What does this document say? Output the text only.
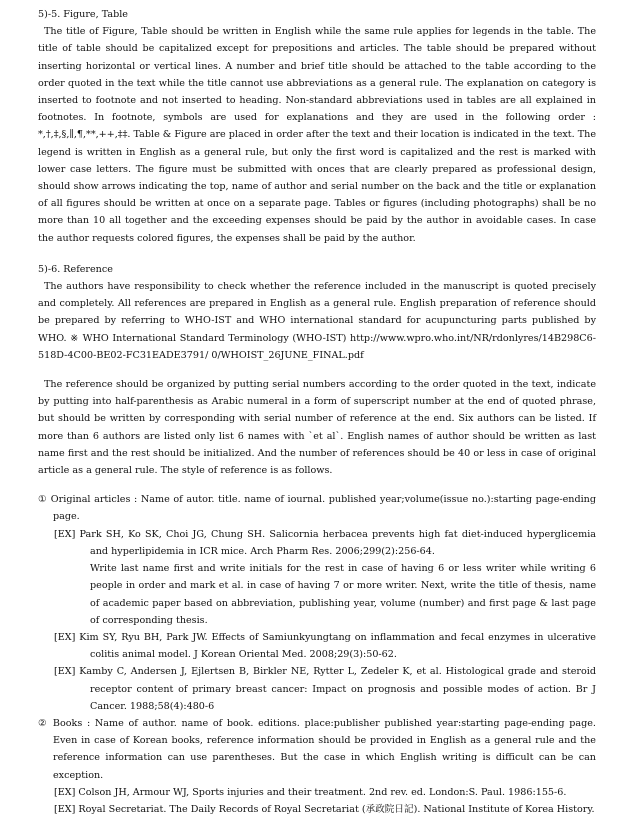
5)-5. Figure, Table

The title of Figure, Table should be written in English while the same rule applies for legends in the table. The title of table should be capitalized except for prepositions and articles. The table should be prepared without inserting horizontal or vertical lines. A number and brief title should be attached to the table according to the order quoted in the text while the title cannot use abbreviations as a general rule. The explanation on category is inserted to footnote and not inserted to heading. Non-standard abbreviations used in tables are all explained in footnotes. In footnote, symbols are used for explanations and they are used in the following order : *,†,‡,§,∥,¶,**,++,‡‡. Table & Figure are placed in order after the text and their location is indicated in the text. The legend is written in English as a general rule, but only the first word is capitalized and the rest is marked with lower case letters. The figure must be submitted with onces that are clearly prepared as professional design, should show arrows indicating the top, name of author and serial number on the back and the title or explanation of all figures should be written at once on a separate page. Tables or figures (including photographs) shall be no more than 10 all together and the exceeding expenses should be paid by the author in avoidable cases. In case the author requests colored figures, the expenses shall be paid by the author.

5)-6. Reference

The authors have responsibility to check whether the reference included in the manuscript is quoted precisely and completely. All references are prepared in English as a general rule. English preparation of reference should be prepared by referring to WHO-IST and WHO international standard for acupuncturing parts published by WHO. ※ WHO International Standard Terminology (WHO-IST) http://www.wpro.who.int/NR/rdonlyres/14B298C6-518D-4C00-BE02-FC31EADE3791/ 0/WHOIST_26JUNE_FINAL.pdf

The reference should be organized by putting serial numbers according to the order quoted in the text, indicate by putting into half-parenthesis as Arabic numeral in a form of superscript number at the end of quoted phrase, but should be written by corresponding with serial number of reference at the end. Six authors can be listed. If more than 6 authors are listed only list 6 names with `et al`. English names of author should be written as last name first and the rest should be initialized. And the number of references should be 40 or less in case of original article as a general rule. The style of reference is as follows.

① Original articles : Name of autor. title. name of iournal. published year;volume(issue no.):starting page-ending page.

[EX] Park SH, Ko SK, Choi JG, Chung SH. Salicornia herbacea prevents high fat diet-induced hyperglicemia and hyperlipidemia in ICR mice. Arch Pharm Res. 2006;299(2):256-64.

Write last name first and write initials for the rest in case of having 6 or less writer while writing 6 people in order and mark et al. in case of having 7 or more writer. Next, write the title of thesis, name of academic paper based on abbreviation, publishing year, volume (number) and first page & last page of corresponding thesis.

[EX] Kim SY, Ryu BH, Park JW. Effects of Samiunkyungtang on inflammation and fecal enzymes in ulcerative colitis animal model. J Korean Oriental Med. 2008;29(3):50-62.

[EX] Kamby C, Andersen J, Ejlertsen B, Birkler NE, Rytter L, Zedeler K, et al. Histological grade and steroid receptor content of primary breast cancer: Impact on prognosis and possible modes of action. Br J Cancer. 1988;58(4):480-6

② Books : Name of author. name of book. editions. place:publisher published year:starting page-ending page. Even in case of Korean books, reference information should be provided in English as a general rule and the reference information can use parentheses. But the case in which English writing is difficult can be can exception.

[EX] Colson JH, Armour WJ, Sports injuries and their treatment. 2nd rev. ed. London:S. Paul. 1986:155-6.

[EX] Royal Secretariat. The Daily Records of Royal Secretariat (承政院日記). National Institute of Korea History.
